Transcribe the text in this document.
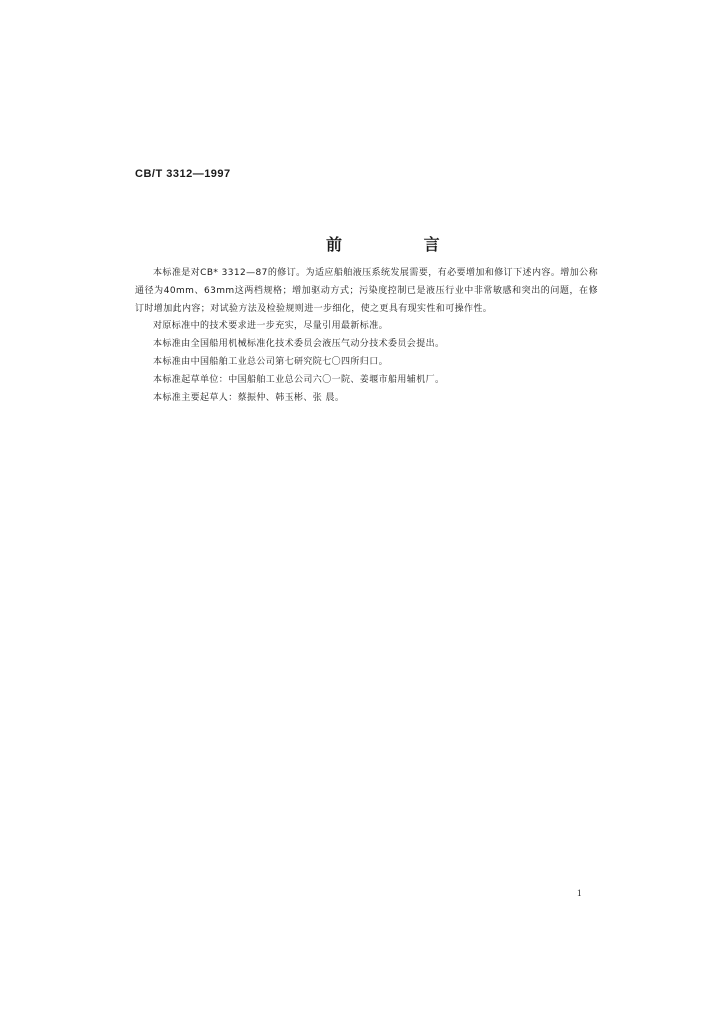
CB/T 3312—1997
前 言

本标准是对CB* 3312—87的修订。为适应船舶液压系统发展需要，有必要增加和修订下述内容。增加公称通径为40mm、63mm这两档规格；增加驱动方式；污染度控制已是液压行业中非常敏感和突出的问题，在修订时增加此内容；对试验方法及检验规则进一步细化，使之更具有现实性和可操作性。

对原标准中的技术要求进一步充实，尽量引用最新标准。

本标准由全国船用机械标准化技术委员会液压气动分技术委员会提出。

本标准由中国船舶工业总公司第七研究院七〇四所归口。

本标准起草单位：中国船舶工业总公司六〇一院、姜堰市船用辅机厂。

本标准主要起草人：蔡振仲、韩玉彬、张 晨。

1
